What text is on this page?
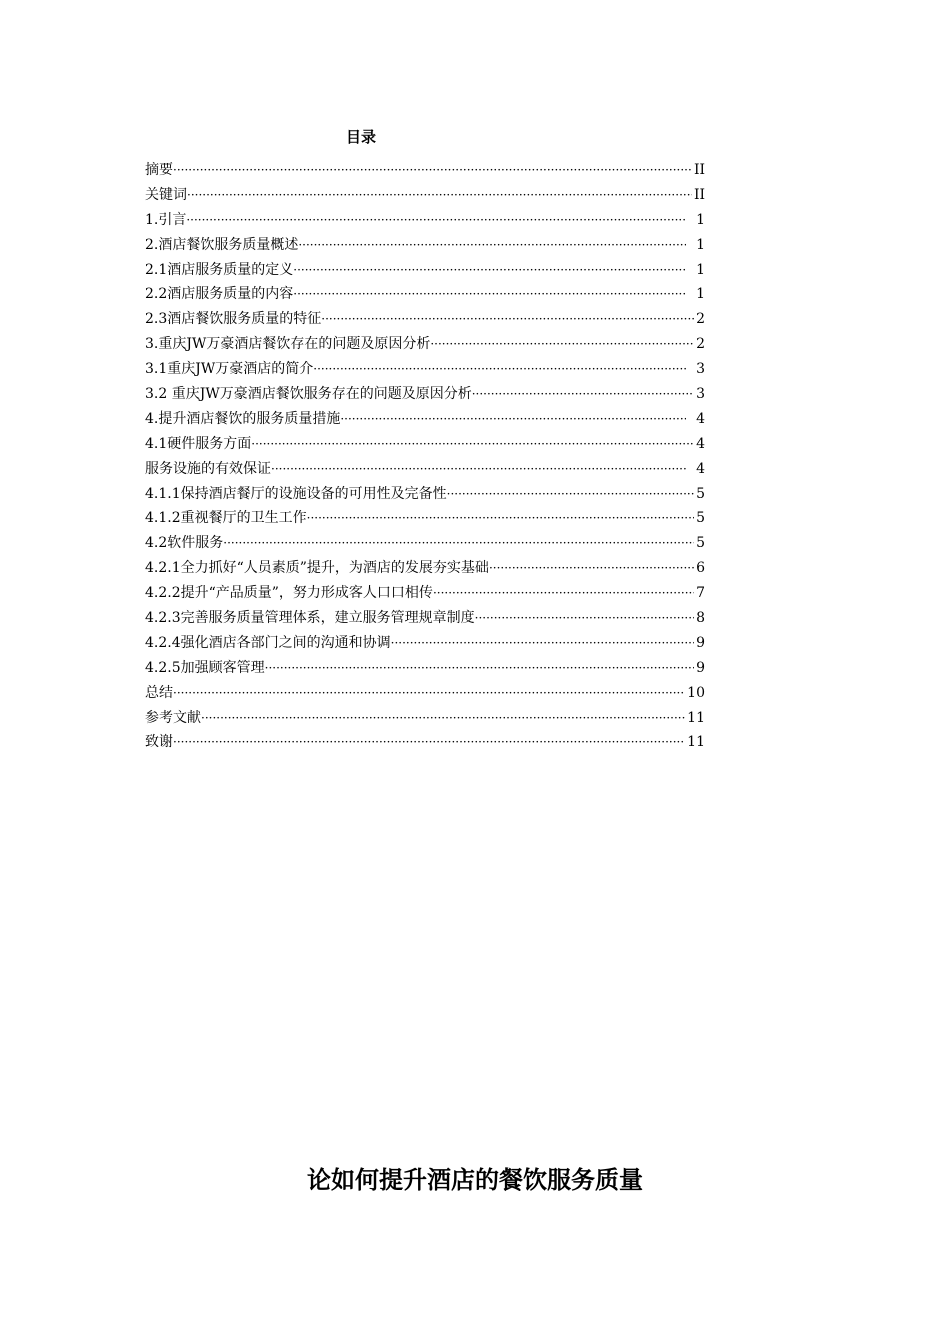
目录
摘要 ·····	II
关键词 ·····	II
1.引言 ·····	1
2.酒店餐饮服务质量概述 ·····	1
2.1酒店服务质量的定义 ·····	1
2.2酒店服务质量的内容 ·····	1
2.3酒店餐饮服务质量的特征 ·····	2
3.重庆JW万豪酒店餐饮存在的问题及原因分析 ·····	2
3.1重庆JW万豪酒店的简介 ·····	3
3.2 重庆JW万豪酒店餐饮服务存在的问题及原因分析 ·····	3
4.提升酒店餐饮的服务质量措施 ·····	4
4.1硬件服务方面 ·····	4
服务设施的有效保证 ·····	4
4.1.1保持酒店餐厅的设施设备的可用性及完备性 ·····	5
4.1.2重视餐厅的卫生工作 ·····	5
4.2软件服务 ·····	5
4.2.1全力抓好“人员素质”提升，为酒店的发展夯实基础 ·····	6
4.2.2提升“产品质量”，努力形成客人口口相传 ·····	7
4.2.3完善服务质量管理体系，建立服务管理规章制度 ·····	8
4.2.4强化酒店各部门之间的沟通和协调 ·····	9
4.2.5加强顾客管理 ·····	9
总结 ·····	10
参考文献 ·····	11
致谢 ·····	11
论如何提升酒店的餐饮服务质量
